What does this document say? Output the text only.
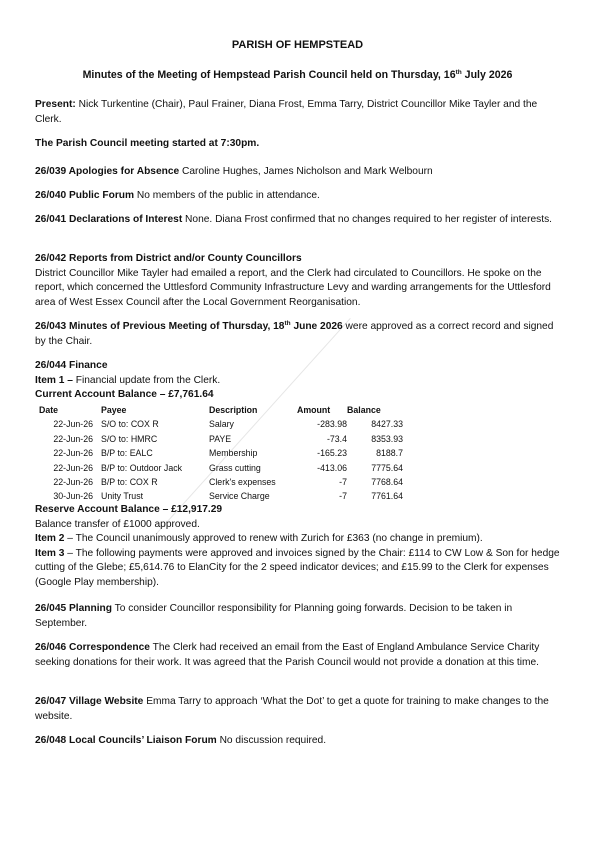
PARISH OF HEMPSTEAD
Minutes of the Meeting of Hempstead Parish Council held on Thursday, 16th July 2026
Present: Nick Turkentine (Chair), Paul Frainer, Diana Frost, Emma Tarry, District Councillor Mike Tayler and the Clerk.
The Parish Council meeting started at 7:30pm.
26/039 Apologies for Absence Caroline Hughes, James Nicholson and Mark Welbourn
26/040 Public Forum No members of the public in attendance.
26/041 Declarations of Interest None. Diana Frost confirmed that no changes required to her register of interests.
26/042 Reports from District and/or County Councillors
District Councillor Mike Tayler had emailed a report, and the Clerk had circulated to Councillors. He spoke on the report, which concerned the Uttlesford Community Infrastructure Levy and warding arrangements for the Uttlesford area of West Essex Council after the Local Government Reorganisation.
26/043 Minutes of Previous Meeting of Thursday, 18th June 2026 were approved as a correct record and signed by the Chair.
26/044 Finance
Item 1 – Financial update from the Clerk.
Current Account Balance – £7,761.64
Date	Payee	Description	Amount	Balance
22-Jun-26	S/O to: COX R	Salary	-283.98	8427.33
22-Jun-26	S/O to: HMRC	PAYE	-73.4	8353.93
22-Jun-26	B/P to: EALC	Membership	-165.23	8188.7
22-Jun-26	B/P to: Outdoor Jack	Grass cutting	-413.06	7775.64
22-Jun-26	B/P to: COX R	Clerk's expenses	-7	7768.64
30-Jun-26	Unity Trust	Service Charge	-7	7761.64
Reserve Account Balance – £12,917.29
Balance transfer of £1000 approved.
Item 2 – The Council unanimously approved to renew with Zurich for £363 (no change in premium).
Item 3 – The following payments were approved and invoices signed by the Chair: £114 to CW Low & Son for hedge cutting of the Glebe; £5,614.76 to ElanCity for the 2 speed indicator devices; and £15.99 to the Clerk for expenses (Google Play membership).
26/045 Planning To consider Councillor responsibility for Planning going forwards. Decision to be taken in September.
26/046 Correspondence The Clerk had received an email from the East of England Ambulance Service Charity seeking donations for their work. It was agreed that the Parish Council would not provide a donation at this time.
26/047 Village Website Emma Tarry to approach ‘What the Dot’ to get a quote for training to make changes to the website.
26/048 Local Councils’ Liaison Forum No discussion required.
